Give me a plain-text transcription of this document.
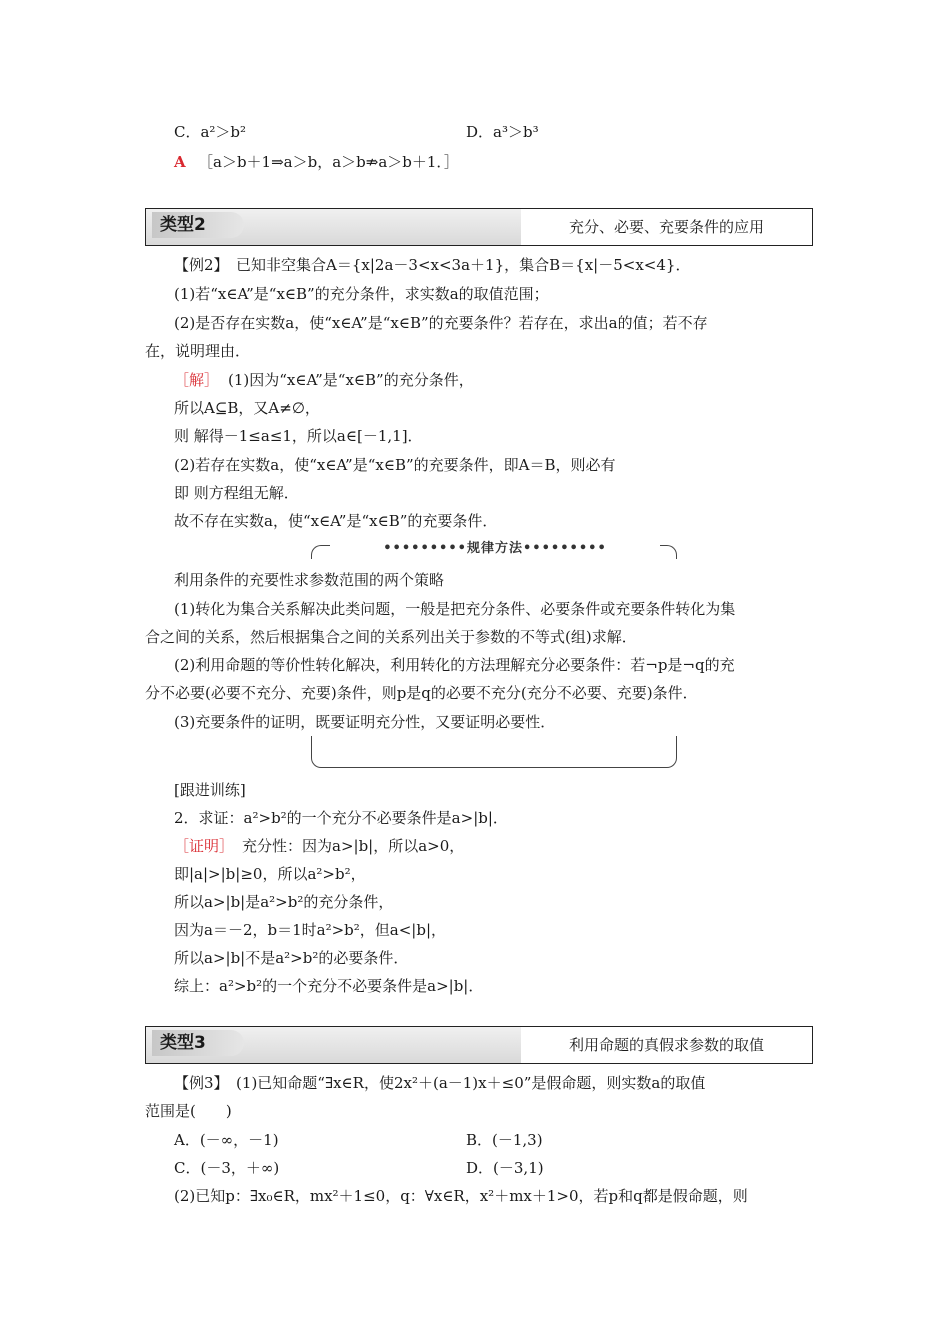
C．a²＞b²	D．a³＞b³
A ［a＞b＋1⇒a＞b，a＞b⇏a＞b＋1．］
类型2	充分、必要、充要条件的应用
【例2】　已知非空集合A＝{x|2a－3<x<3a＋1}，集合B＝{x|－5<x<4}．
(1)若“x∈A”是“x∈B”的充分条件，求实数a的取值范围；
(2)是否存在实数a，使“x∈A”是“x∈B”的充要条件？若存在，求出a的值；若不存
在，说明理由．
［解］ (1)因为“x∈A”是“x∈B”的充分条件，
所以A⊆B，又A≠∅，
则 解得－1≤a≤1，所以a∈[－1,1]．
(2)若存在实数a，使“x∈A”是“x∈B”的充要条件，即A＝B，则必有
即 则方程组无解．
故不存在实数a，使“x∈A”是“x∈B”的充要条件．
•••••••••规律方法•••••••••
利用条件的充要性求参数范围的两个策略
(1)转化为集合关系解决此类问题，一般是把充分条件、必要条件或充要条件转化为集
合之间的关系，然后根据集合之间的关系列出关于参数的不等式(组)求解．
(2)利用命题的等价性转化解决，利用转化的方法理解充分必要条件：若¬p是¬q的充
分不必要(必要不充分、充要)条件，则p是q的必要不充分(充分不必要、充要)条件．
(3)充要条件的证明，既要证明充分性，又要证明必要性．
[跟进训练]
2．求证：a²>b²的一个充分不必要条件是a>|b|．
［证明］ 充分性：因为a>|b|，所以a>0，
即|a|>|b|≥0，所以a²>b²，
所以a>|b|是a²>b²的充分条件，
因为a＝－2，b＝1时a²>b²，但a<|b|，
所以a>|b|不是a²>b²的必要条件．
综上：a²>b²的一个充分不必要条件是a>|b|．
类型3	利用命题的真假求参数的取值
【例3】　(1)已知命题“∃x∈R，使2x²＋(a－1)x＋≤0”是假命题，则实数a的取值
范围是(　　)
A．(－∞，－1)	B．(－1,3)
C．(－3，＋∞)	D．(－3,1)
(2)已知p：∃x₀∈R，mx²＋1≤0，q：∀x∈R，x²＋mx＋1>0，若p和q都是假命题，则
